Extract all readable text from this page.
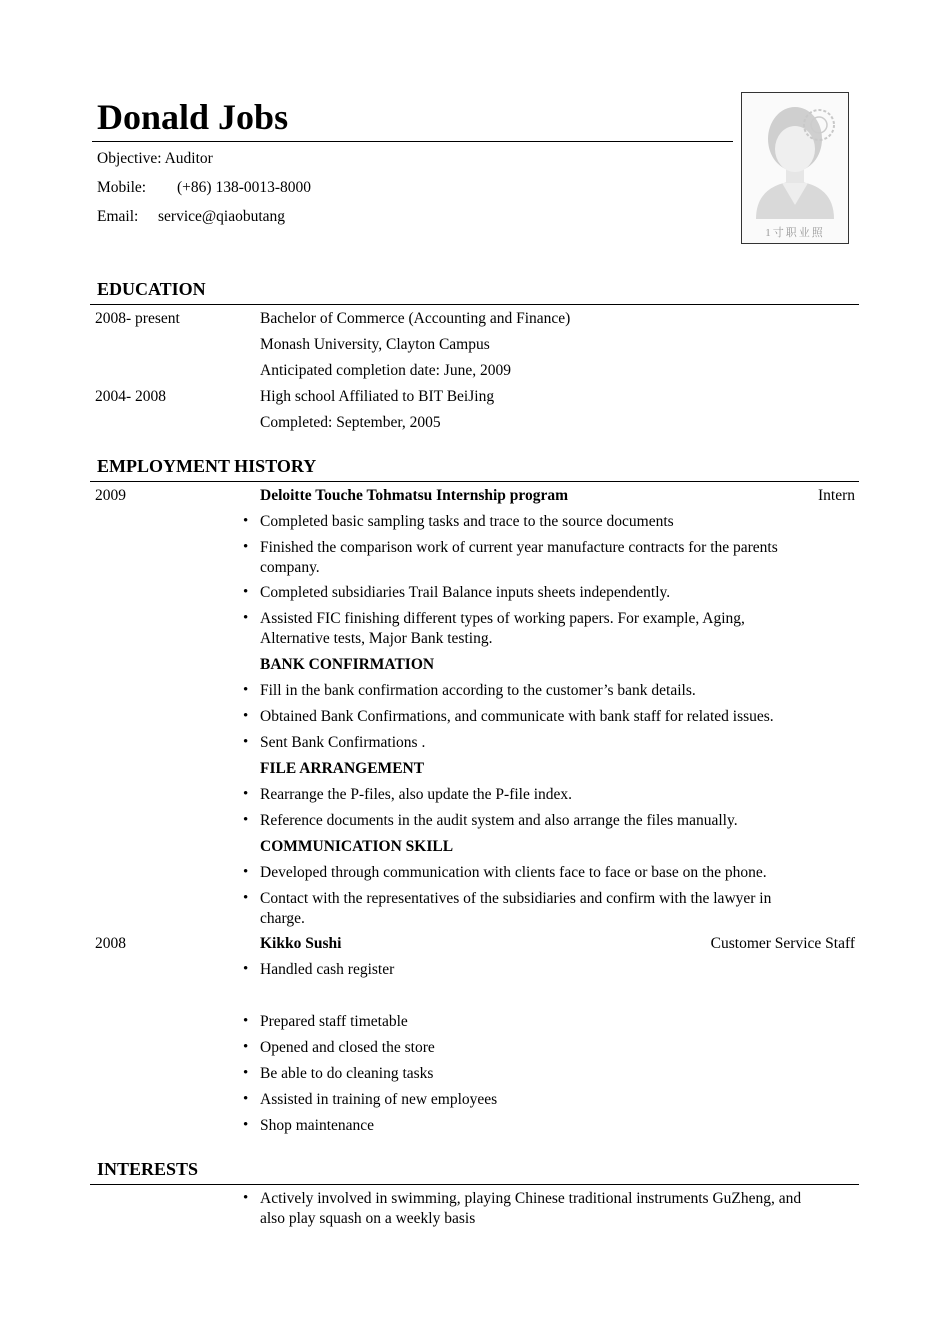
Donald Jobs
Objective: Auditor
Mobile: (+86) 138-0013-8000
Email: service@qiaobutang
1寸职业照
EDUCATION
2008- present	Bachelor of Commerce (Accounting and Finance)
Monash University, Clayton Campus
Anticipated completion date: June, 2009
2004- 2008	High school Affiliated to BIT BeiJing
Completed: September, 2005
EMPLOYMENT HISTORY
2009	Deloitte Touche Tohmatsu Internship program	Intern
• Completed basic sampling tasks and trace to the source documents
• Finished the comparison work of current year manufacture contracts for the parents
company.
• Completed subsidiaries Trail Balance inputs sheets independently.
• Assisted FIC finishing different types of working papers. For example, Aging,
Alternative tests, Major Bank testing.
BANK CONFIRMATION
• Fill in the bank confirmation according to the customer’s bank details.
• Obtained Bank Confirmations, and communicate with bank staff for related issues.
• Sent Bank Confirmations .
FILE ARRANGEMENT
• Rearrange the P-files, also update the P-file index.
• Reference documents in the audit system and also arrange the files manually.
COMMUNICATION SKILL
• Developed through communication with clients face to face or base on the phone.
• Contact with the representatives of the subsidiaries and confirm with the lawyer in
charge.
2008	Kikko Sushi	Customer Service Staff
• Handled cash register
• Prepared staff timetable
• Opened and closed the store
• Be able to do cleaning tasks
• Assisted in training of new employees
• Shop maintenance
INTERESTS
• Actively involved in swimming, playing Chinese traditional instruments GuZheng, and
also play squash on a weekly basis
